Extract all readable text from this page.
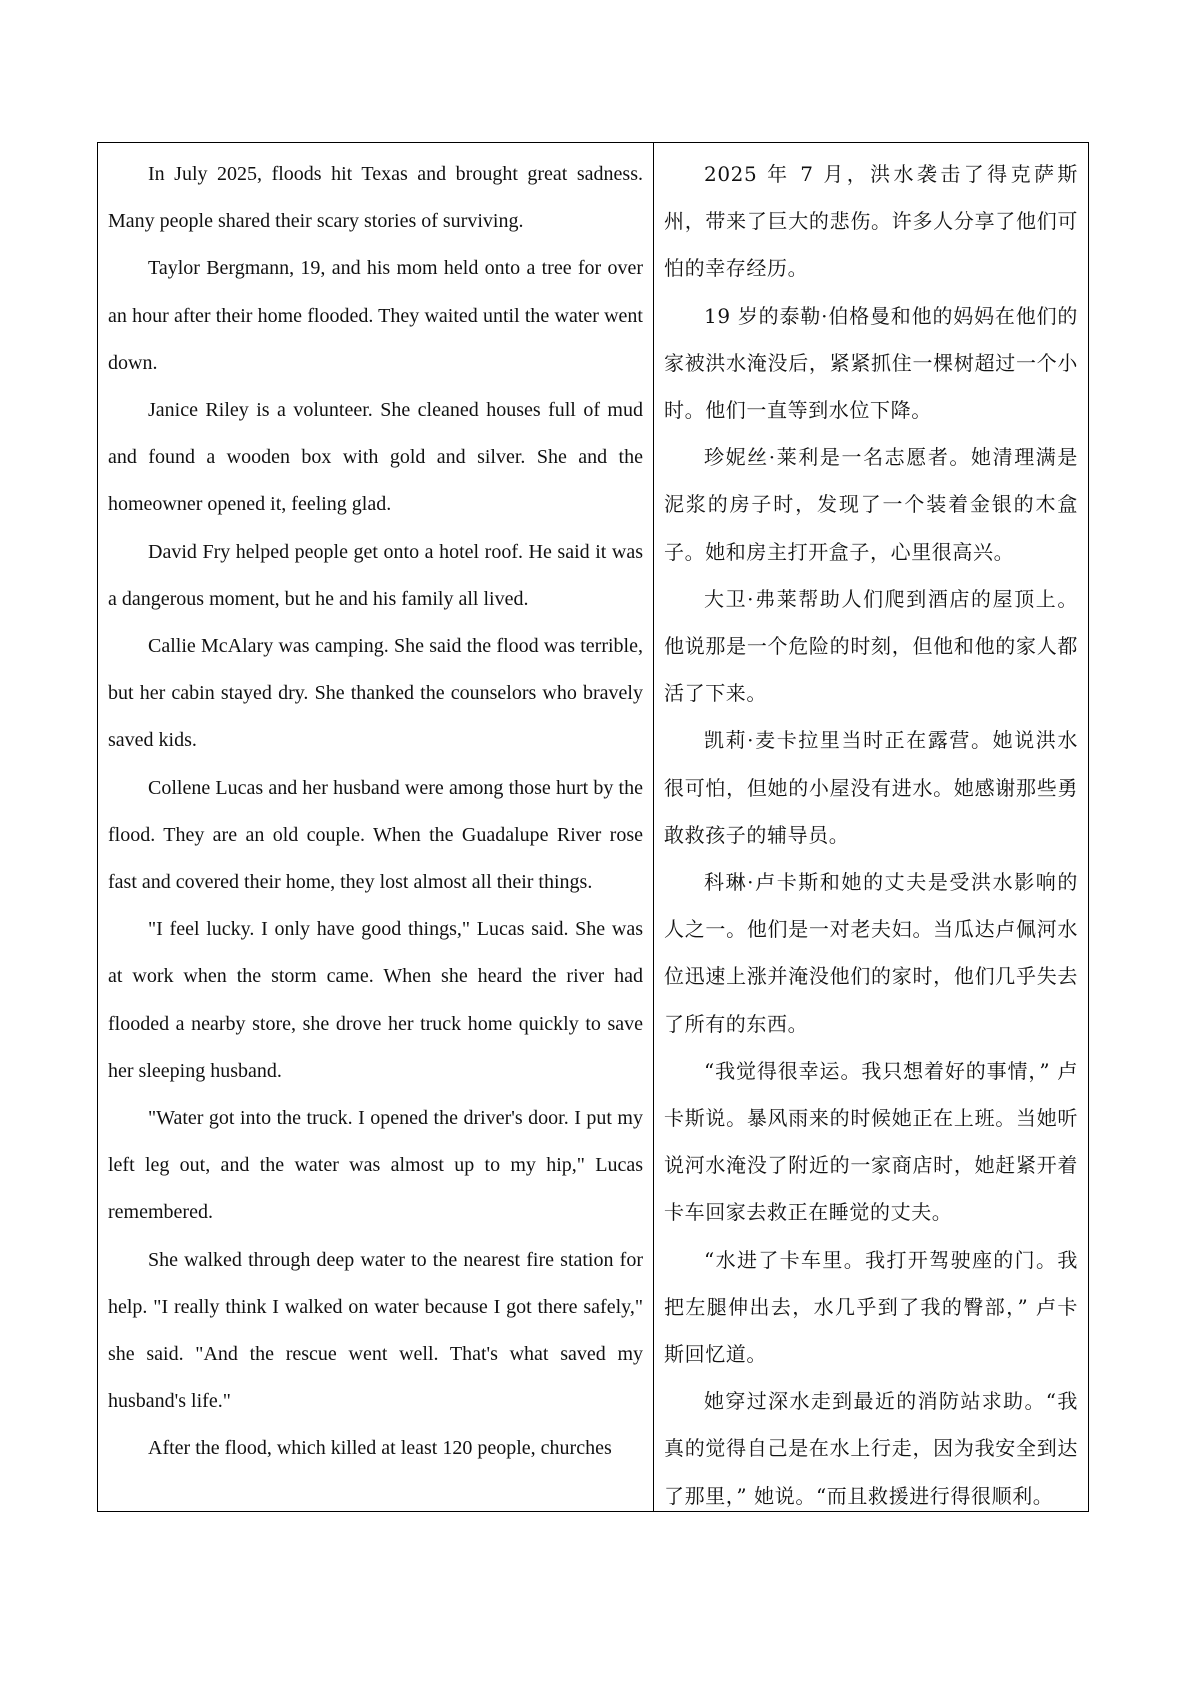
In July 2025, floods hit Texas and brought great sadness. Many people shared their scary stories of surviving.

Taylor Bergmann, 19, and his mom held onto a tree for over an hour after their home flooded. They waited until the water went down.

Janice Riley is a volunteer. She cleaned houses full of mud and found a wooden box with gold and silver. She and the homeowner opened it, feeling glad.

David Fry helped people get onto a hotel roof. He said it was a dangerous moment, but he and his family all lived.

Callie McAlary was camping. She said the flood was terrible, but her cabin stayed dry. She thanked the counselors who bravely saved kids.

Collene Lucas and her husband were among those hurt by the flood. They are an old couple. When the Guadalupe River rose fast and covered their home, they lost almost all their things.

"I feel lucky. I only have good things," Lucas said. She was at work when the storm came. When she heard the river had flooded a nearby store, she drove her truck home quickly to save her sleeping husband.

"Water got into the truck. I opened the driver's door. I put my left leg out, and the water was almost up to my hip," Lucas remembered.

She walked through deep water to the nearest fire station for help. "I really think I walked on water because I got there safely," she said. "And the rescue went well. That's what saved my husband's life."

After the flood, which killed at least 120 people, churches

2025 年 7 月，洪水袭击了得克萨斯州，带来了巨大的悲伤。许多人分享了他们可怕的幸存经历。

19 岁的泰勒·伯格曼和他的妈妈在他们的家被洪水淹没后，紧紧抓住一棵树超过一个小时。他们一直等到水位下降。

珍妮丝·莱利是一名志愿者。她清理满是泥浆的房子时，发现了一个装着金银的木盒子。她和房主打开盒子，心里很高兴。

大卫·弗莱帮助人们爬到酒店的屋顶上。他说那是一个危险的时刻，但他和他的家人都活了下来。

凯莉·麦卡拉里当时正在露营。她说洪水很可怕，但她的小屋没有进水。她感谢那些勇敢救孩子的辅导员。

科琳·卢卡斯和她的丈夫是受洪水影响的人之一。他们是一对老夫妇。当瓜达卢佩河水位迅速上涨并淹没他们的家时，他们几乎失去了所有的东西。

“我觉得很幸运。我只想着好的事情，” 卢卡斯说。暴风雨来的时候她正在上班。当她听说河水淹没了附近的一家商店时，她赶紧开着卡车回家去救正在睡觉的丈夫。

“水进了卡车里。我打开驾驶座的门。我把左腿伸出去，水几乎到了我的臀部，” 卢卡斯回忆道。

她穿过深水走到最近的消防站求助。“我真的觉得自己是在水上行走，因为我安全到达了那里，” 她说。“而且救援进行得很顺利。
